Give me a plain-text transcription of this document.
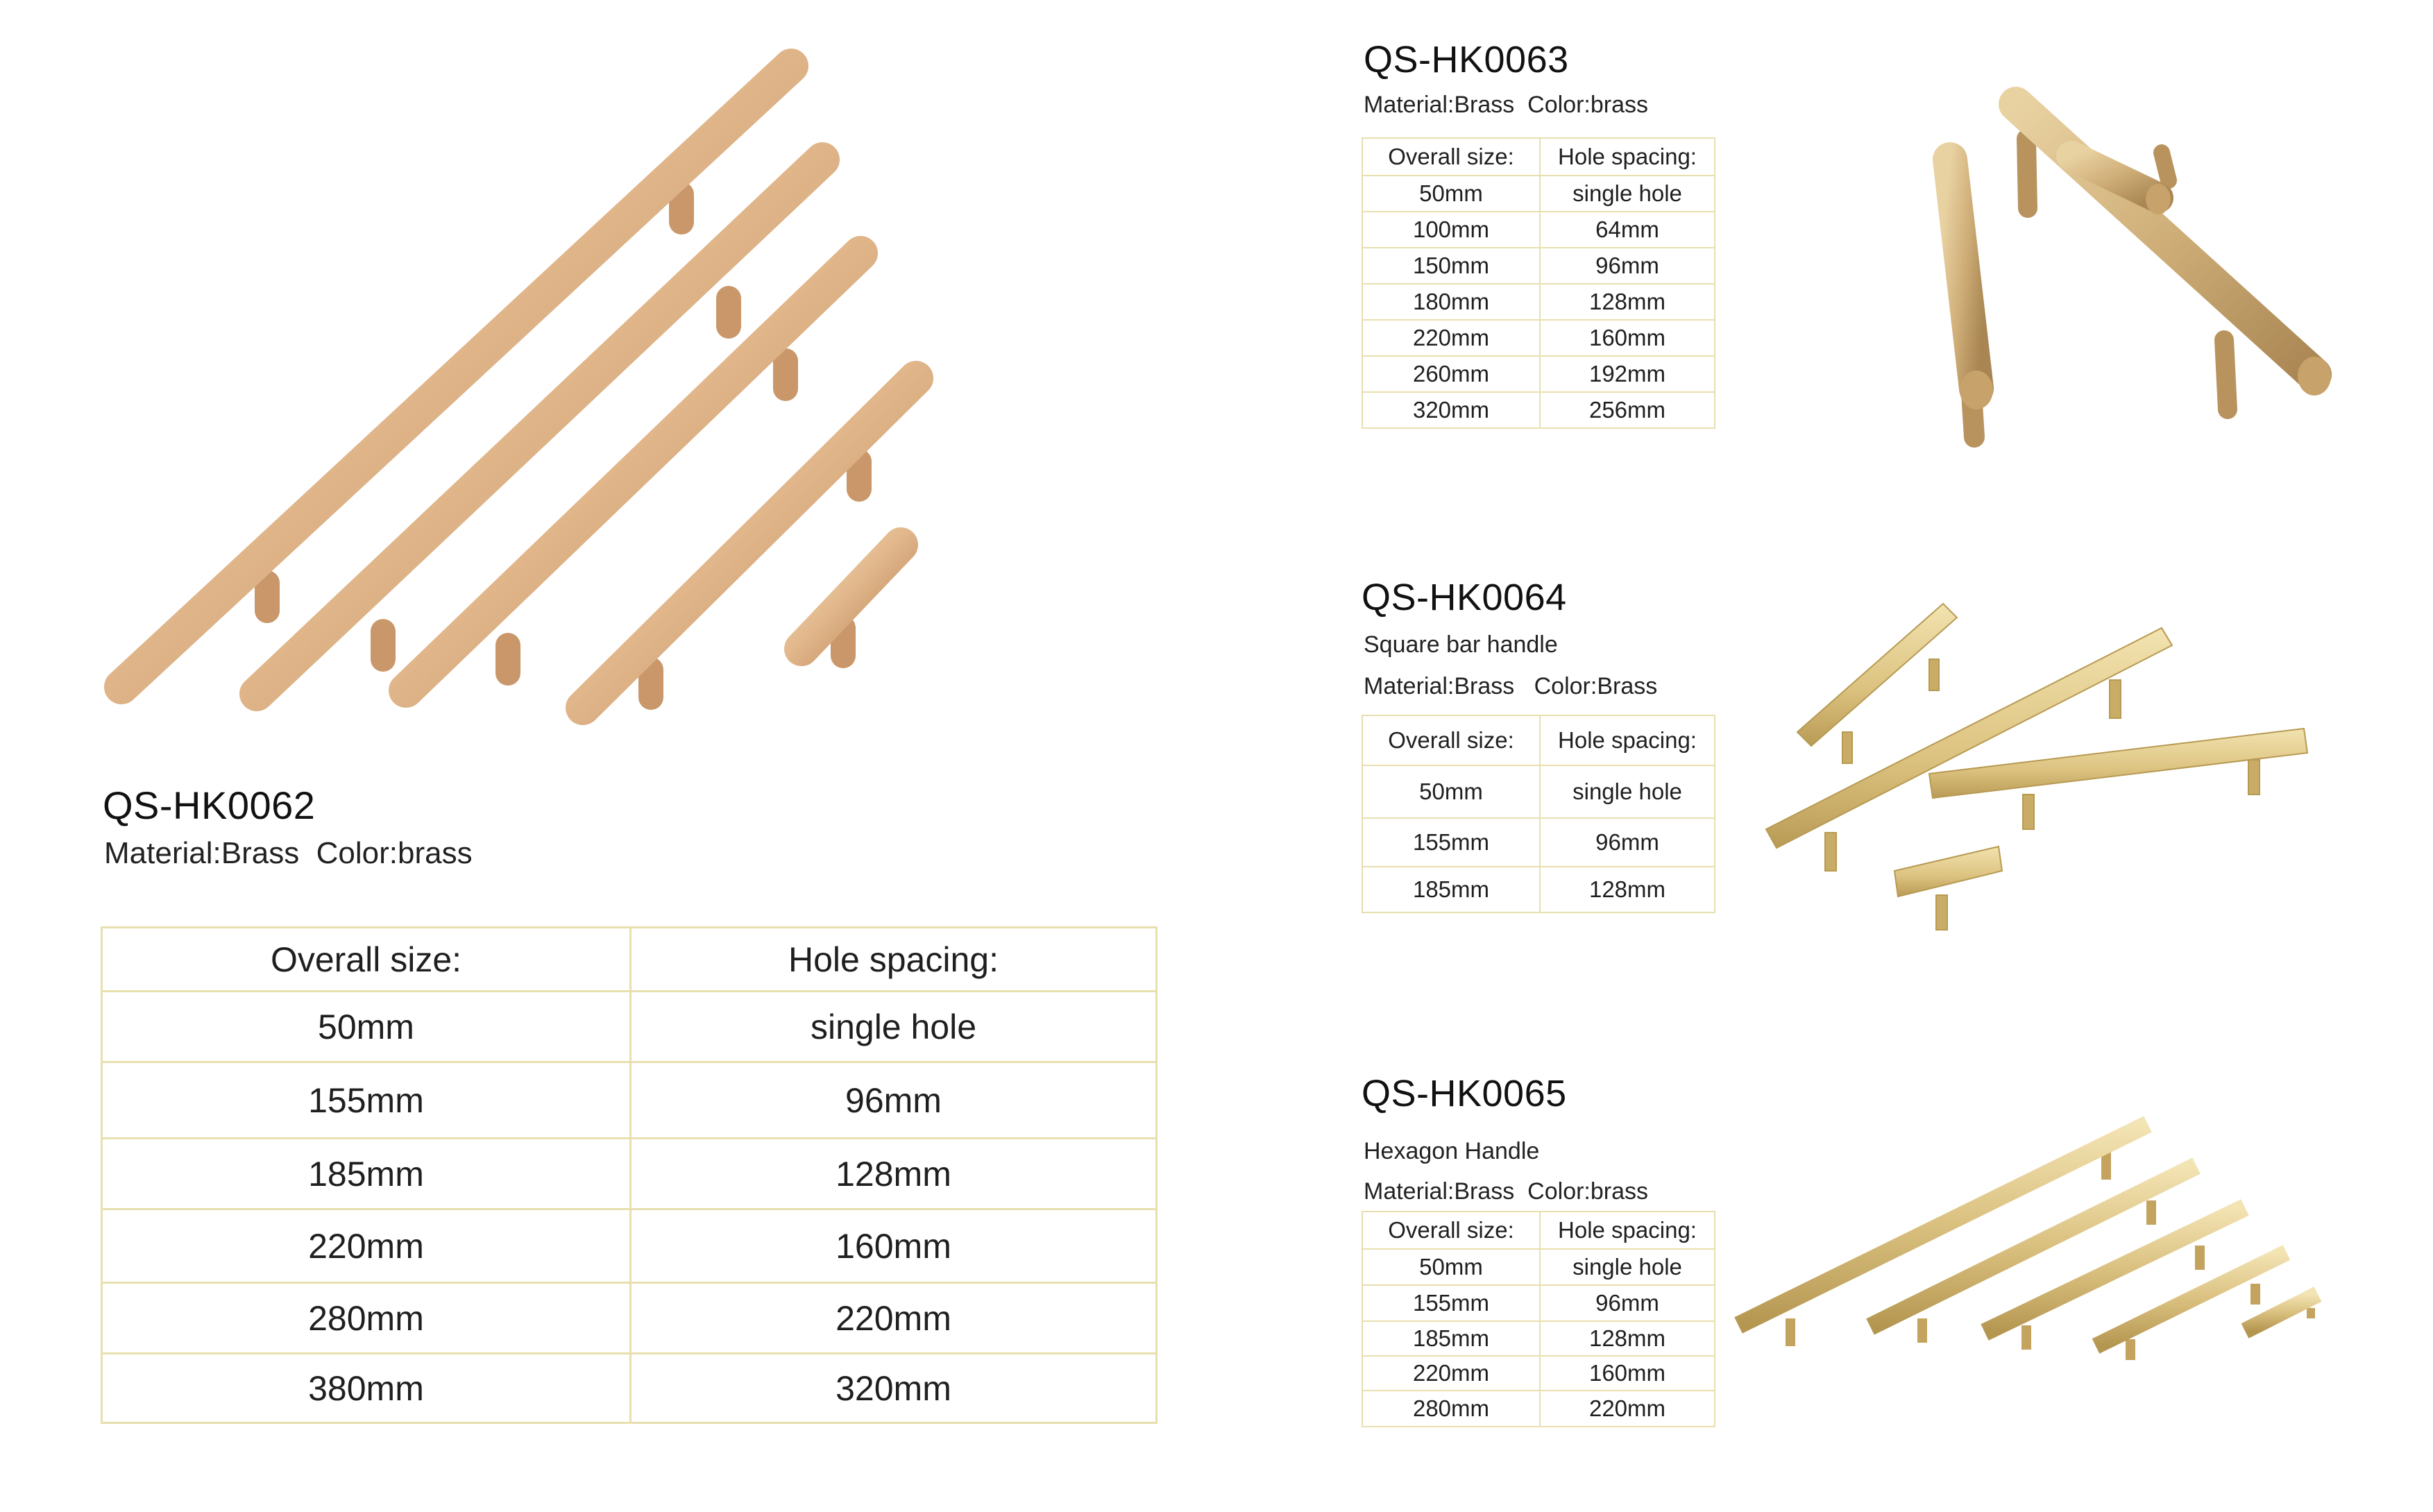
QS-HK0062
Material:Brass  Color:brass
Overall size:	Hole spacing:
50mm	single hole
155mm	96mm
185mm	128mm
220mm	160mm
280mm	220mm
380mm	320mm
QS-HK0063
Material:Brass  Color:brass
Overall size:	Hole spacing:
50mm	single hole
100mm	64mm
150mm	96mm
180mm	128mm
220mm	160mm
260mm	192mm
320mm	256mm
QS-HK0064
Square bar handle
Material:Brass   Color:Brass
Overall size:	Hole spacing:
50mm	single hole
155mm	96mm
185mm	128mm
QS-HK0065
Hexagon Handle
Material:Brass  Color:brass
Overall size:	Hole spacing:
50mm	single hole
155mm	96mm
185mm	128mm
220mm	160mm
280mm	220mm
